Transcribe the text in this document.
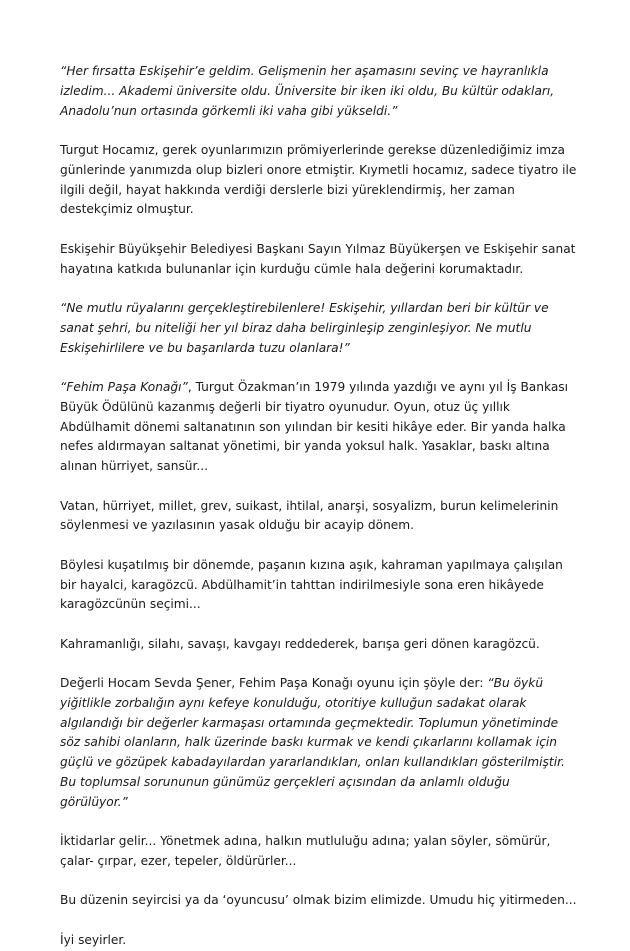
“Her fırsatta Eskişehir’e geldim. Gelişmenin her aşamasını sevinç ve hayranlıkla izledim... Akademi üniversite oldu. Üniversite bir iken iki oldu, Bu kültür odakları, Anadolu’nun ortasında görkemli iki vaha gibi yükseldi.”

Turgut Hocamız, gerek oyunlarımızın prömiyerlerinde gerekse düzenlediğimiz imza günlerinde yanımızda olup bizleri onore etmiştir. Kıymetli hocamız, sadece tiyatro ile ilgili değil, hayat hakkında verdiği derslerle bizi yüreklendirmiş, her zaman destekçimiz olmuştur.

Eskişehir Büyükşehir Belediyesi Başkanı Sayın Yılmaz Büyükerşen ve Eskişehir sanat hayatına katkıda bulunanlar için kurduğu cümle hala değerini korumaktadır.

“Ne mutlu rüyalarını gerçekleştirebilenlere! Eskişehir, yıllardan beri bir kültür ve sanat şehri, bu niteliği her yıl biraz daha belirginleşip zenginleşiyor. Ne mutlu Eskişehirlilere ve bu başarılarda tuzu olanlara!”

“Fehim Paşa Konağı”, Turgut Özakman’ın 1979 yılında yazdığı ve aynı yıl İş Bankası Büyük Ödülünü kazanmış değerli bir tiyatro oyunudur. Oyun, otuz üç yıllık Abdülhamit dönemi saltanatının son yılından bir kesiti hikâye eder. Bir yanda halka nefes aldırmayan saltanat yönetimi, bir yanda yoksul halk. Yasaklar, baskı altına alınan hürriyet, sansür...

Vatan, hürriyet, millet, grev, suikast, ihtilal, anarşi, sosyalizm, burun kelimelerinin söylenmesi ve yazılasının yasak olduğu bir acayip dönem.

Böylesi kuşatılmış bir dönemde, paşanın kızına aşık, kahraman yapılmaya çalışılan bir hayalci, karagözcü. Abdülhamit’in tahttan indirilmesiyle sona eren hikâyede karagözcünün seçimi...

Kahramanlığı, silahı, savaşı, kavgayı reddederek, barışa geri dönen karagözcü.

Değerli Hocam Sevda Şener, Fehim Paşa Konağı oyunu için şöyle der: “Bu öykü yiğitlikle zorbalığın aynı kefeye konulduğu, otoritiye kulluğun sadakat olarak algılandığı bir değerler karmaşası ortamında geçmektedir. Toplumun yönetiminde söz sahibi olanların, halk üzerinde baskı kurmak ve kendi çıkarlarını kollamak için güçlü ve gözüpek kabadayılardan yararlandıkları, onları kullandıkları gösterilmiştir. Bu toplumsal sorununun günümüz gerçekleri açısından da anlamlı olduğu görülüyor.”

İktidarlar gelir... Yönetmek adına, halkın mutluluğu adına; yalan söyler, sömürür, çalar- çırpar, ezer, tepeler, öldürürler...

Bu düzenin seyircisi ya da ‘oyuncusu’ olmak bizim elimizde. Umudu hiç yitirmeden...

İyi seyirler.
